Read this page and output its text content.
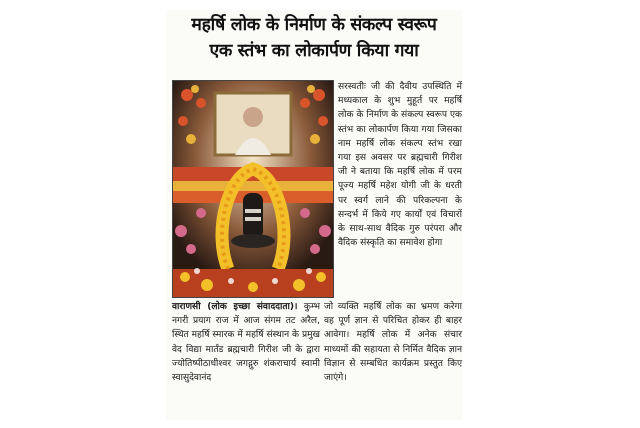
महर्षि लोक के निर्माण के संकल्प स्वरूप
एक स्तंभ का लोकार्पण किया गया

सरस्वतीः जी की दैवीय उपस्थिति में मध्यकाल के शुभ मुहूर्त पर महर्षि लोक के निर्माण के संकल्प स्वरूप एक स्तंभ का लोकार्पण किया गया जिसका नाम महर्षि लोक संकल्प स्तंभ रखा गया इस अवसर पर ब्रह्मचारी गिरीश जी ने बताया कि महर्षि लोक में परम पूज्य महर्षि महेश योगी जी के धरती पर स्वर्ग लाने की परिकल्पना के सन्दर्भ में किये गए कार्यों एवं विचारों के साथ-साथ वैदिक गुरु परंपरा और वैदिक संस्कृति का समावेश होगा

वाराणसी (लोक इच्छा संवाददाता)। कुम्भ नगरी प्रयाग राज में आज संगम तट अरैल, स्थित महर्षि स्मारक में महर्षि संस्थान के प्रमुख वेद विद्या मार्तंड ब्रह्मचारी गिरीश जी के द्वारा ज्योतिष्पीठाधीश्वर जगद्गुरु शंकराचार्य स्वामी स्वासुदेवानंद

जो व्यक्ति महर्षि लोक का भ्रमण करेगा वह पूर्ण ज्ञान से परिचित होकर ही बाहर आवेगा। महर्षि लोक में अनेक संचार माध्यमों की सहायता से निर्मित वैदिक ज्ञान विज्ञान से सम्बधित कार्यक्रम प्रस्तुत किए जाएंगे।
